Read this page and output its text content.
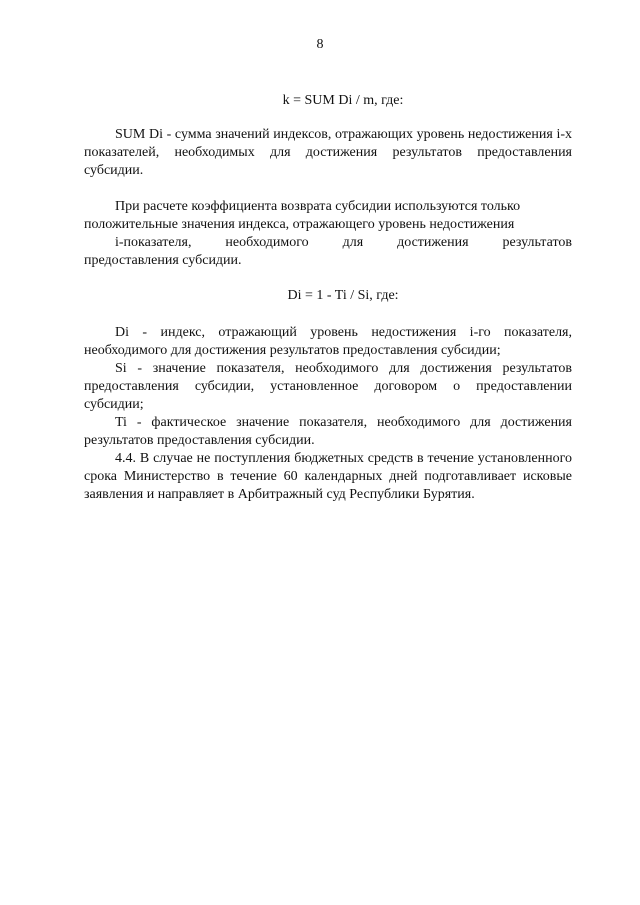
8
k = SUM Di / m, где:

SUM Di - сумма значений индексов, отражающих уровень недостижения i-х показателей, необходимых для достижения результатов предоставления субсидии.

При расчете коэффициента возврата субсидии используются только положительные значения индекса, отражающего уровень недостижения

i-показателя, необходимого для достижения результатов

предоставления субсидии.

Di = 1 - Ti / Si, где:

Di - индекс, отражающий уровень недостижения i-го показателя, необходимого для достижения результатов предоставления субсидии;

Si - значение показателя, необходимого для достижения результатов предоставления субсидии, установленное договором о предоставлении субсидии;

Ti - фактическое значение показателя, необходимого для достижения результатов предоставления субсидии.

4.4. В случае не поступления бюджетных средств в течение установленного срока Министерство в течение 60 календарных дней подготавливает исковые заявления и направляет в Арбитражный суд Республики Бурятия.
